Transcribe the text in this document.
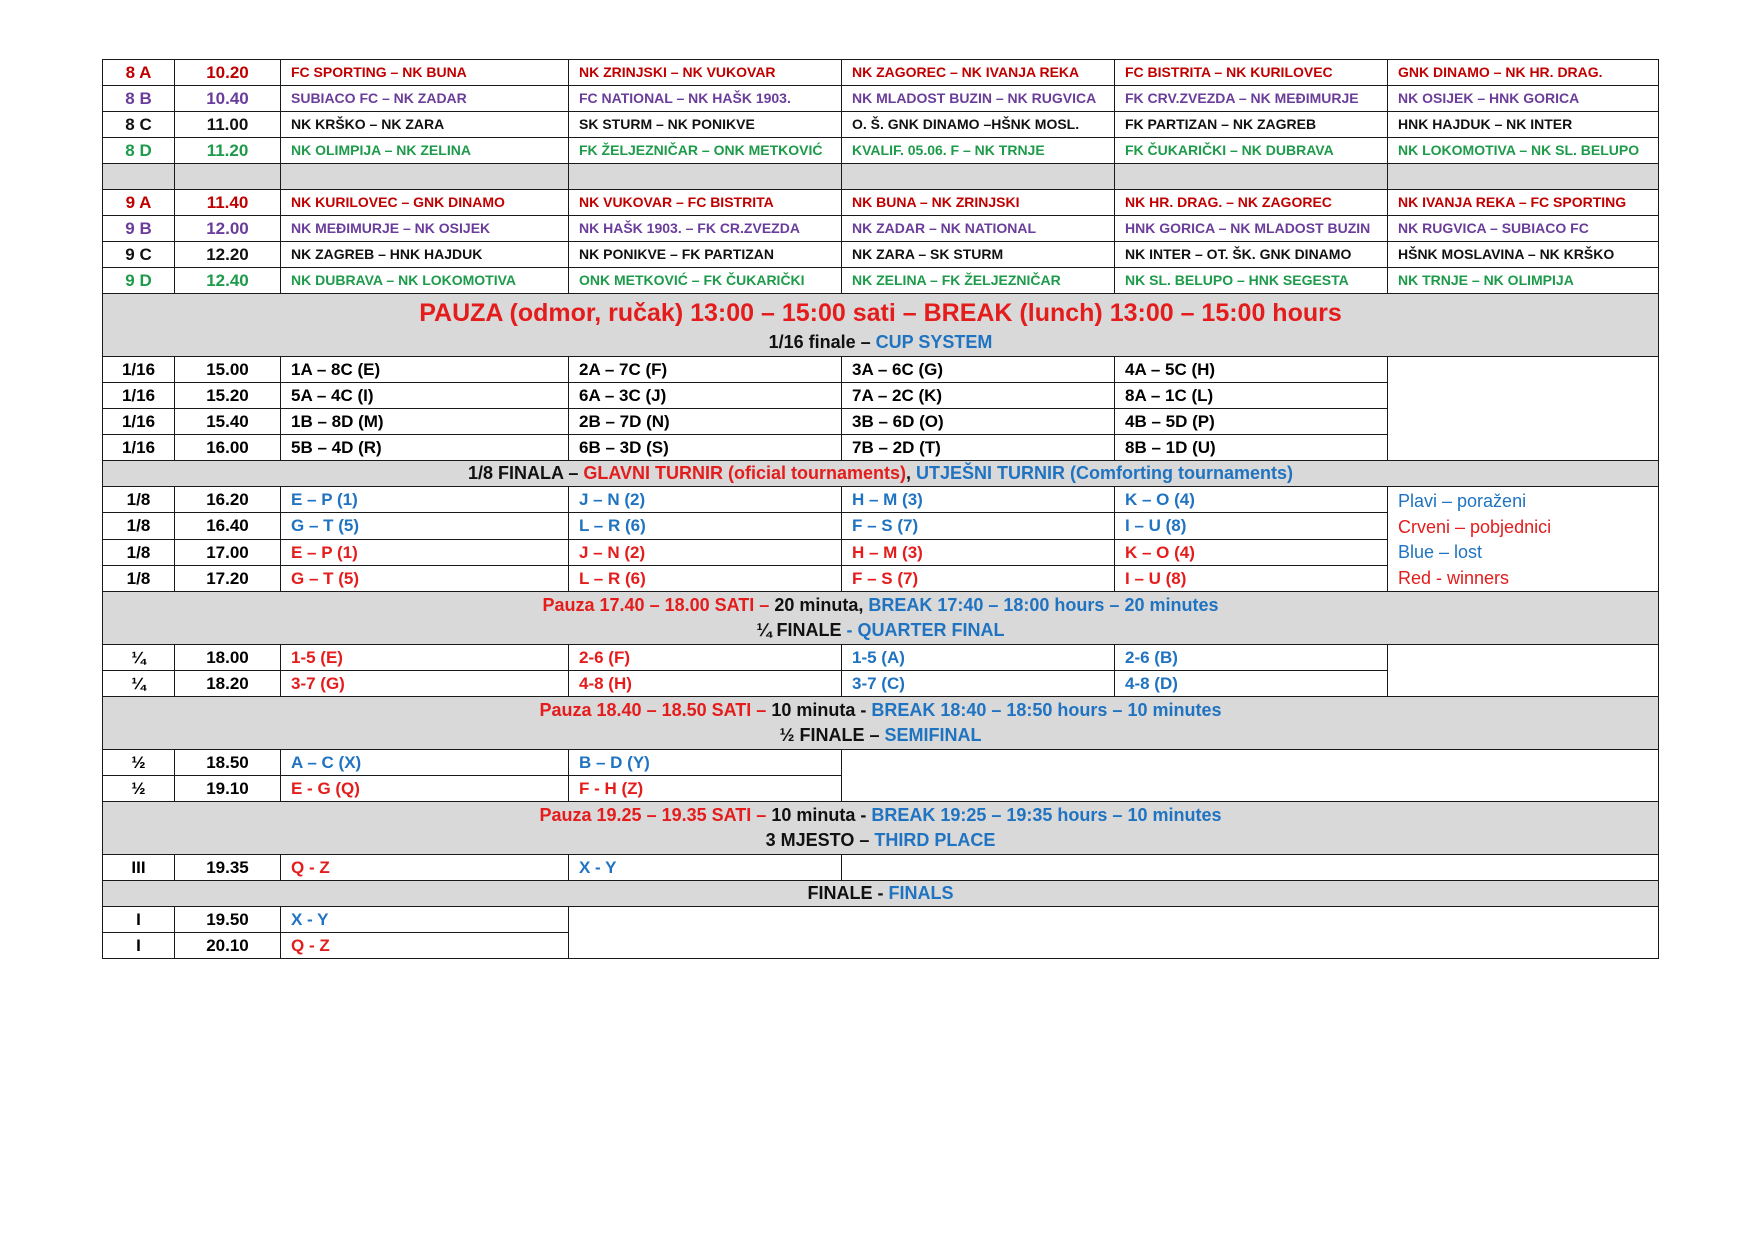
8 A	10.20	FC SPORTING – NK BUNA	NK ZRINJSKI – NK VUKOVAR	NK ZAGOREC – NK IVANJA REKA	FC BISTRITA – NK KURILOVEC	GNK DINAMO – NK HR. DRAG.
8 B	10.40	SUBIACO FC – NK ZADAR	FC NATIONAL – NK HAŠK 1903.	NK MLADOST BUZIN – NK RUGVICA	FK CRV.ZVEZDA – NK MEĐIMURJE	NK OSIJEK – HNK GORICA
8 C	11.00	NK KRŠKO – NK ZARA	SK STURM – NK PONIKVE	O. Š. GNK DINAMO –HŠNK MOSL.	FK PARTIZAN – NK ZAGREB	HNK HAJDUK – NK INTER
8 D	11.20	NK OLIMPIJA – NK ZELINA	FK ŽELJEZNIČAR – ONK METKOVIĆ	KVALIF. 05.06. F – NK TRNJE	FK ČUKARIČKI – NK DUBRAVA	NK LOKOMOTIVA – NK SL. BELUPO

9 A	11.40	NK KURILOVEC – GNK DINAMO	NK VUKOVAR – FC BISTRITA	NK BUNA – NK ZRINJSKI	NK HR. DRAG. – NK ZAGOREC	NK IVANJA REKA – FC SPORTING
9 B	12.00	NK MEĐIMURJE – NK OSIJEK	NK HAŠK 1903. – FK CR.ZVEZDA	NK ZADAR – NK NATIONAL	HNK GORICA – NK MLADOST BUZIN	NK RUGVICA – SUBIACO FC
9 C	12.20	NK ZAGREB – HNK HAJDUK	NK PONIKVE – FK PARTIZAN	NK ZARA – SK STURM	NK INTER – OT. ŠK. GNK DINAMO	HŠNK MOSLAVINA – NK KRŠKO
9 D	12.40	NK DUBRAVA – NK LOKOMOTIVA	ONK METKOVIĆ – FK ČUKARIČKI	NK ZELINA – FK ŽELJEZNIČAR	NK SL. BELUPO – HNK SEGESTA	NK TRNJE – NK OLIMPIJA

PAUZA (odmor, ručak) 13:00 – 15:00 sati – BREAK (lunch) 13:00 – 15:00 hours
1/16 finale – CUP SYSTEM						

1/16	15.00	1A – 8C (E)	2A – 7C (F)	3A – 6C (G)	4A – 5C (H)	
1/16	15.20	5A – 4C (I)	6A – 3C (J)	7A – 2C (K)	8A – 1C (L)	
1/16	15.40	1B – 8D (M)	2B – 7D (N)	3B – 6D (O)	4B – 5D (P)	
1/16	16.00	5B – 4D (R)	6B – 3D (S)	7B – 2D (T)	8B – 1D (U)	
1/8 FINALA – GLAVNI TURNIR (oficial tournaments), UTJEŠNI TURNIR (Comforting tournaments)						
1/8	16.20	E – P (1)	J – N (2)	H – M (3)	K – O (4)	Plavi – poraženi
Crveni – pobjednici
Blue – lost
Red - winners

1/8	16.40	G – T (5)	L – R (6)	F – S (7)	I – U (8)	
1/8	17.00	E – P (1)	J – N (2)	H – M (3)	K – O (4)	
1/8	17.20	G – T (5)	L – R (6)	F – S (7)	I – U (8)	

Pauza 17.40 – 18.00 SATI – 20 minuta, BREAK 17:40 – 18:00 hours – 20 minutes
¼ FINALE - QUARTER FINAL						

¼	18.00	1-5 (E)	2-6 (F)	1-5 (A)	2-6 (B)	
¼	18.20	3-7 (G)	4-8 (H)	3-7 (C)	4-8 (D)	

Pauza 18.40 – 18.50 SATI – 10 minuta - BREAK 18:40 – 18:50 hours – 10 minutes
½ FINALE – SEMIFINAL						

½	18.50	A – C (X)	B – D (Y)			
½	19.10	E - G (Q)	F - H (Z)			

Pauza 19.25 – 19.35 SATI – 10 minuta - BREAK 19:25 – 19:35 hours – 10 minutes
3 MJESTO – THIRD PLACE						

III	19.35	Q - Z	X - Y			
FINALE - FINALS						
I	19.50	X - Y				
I	20.10	Q - Z				
